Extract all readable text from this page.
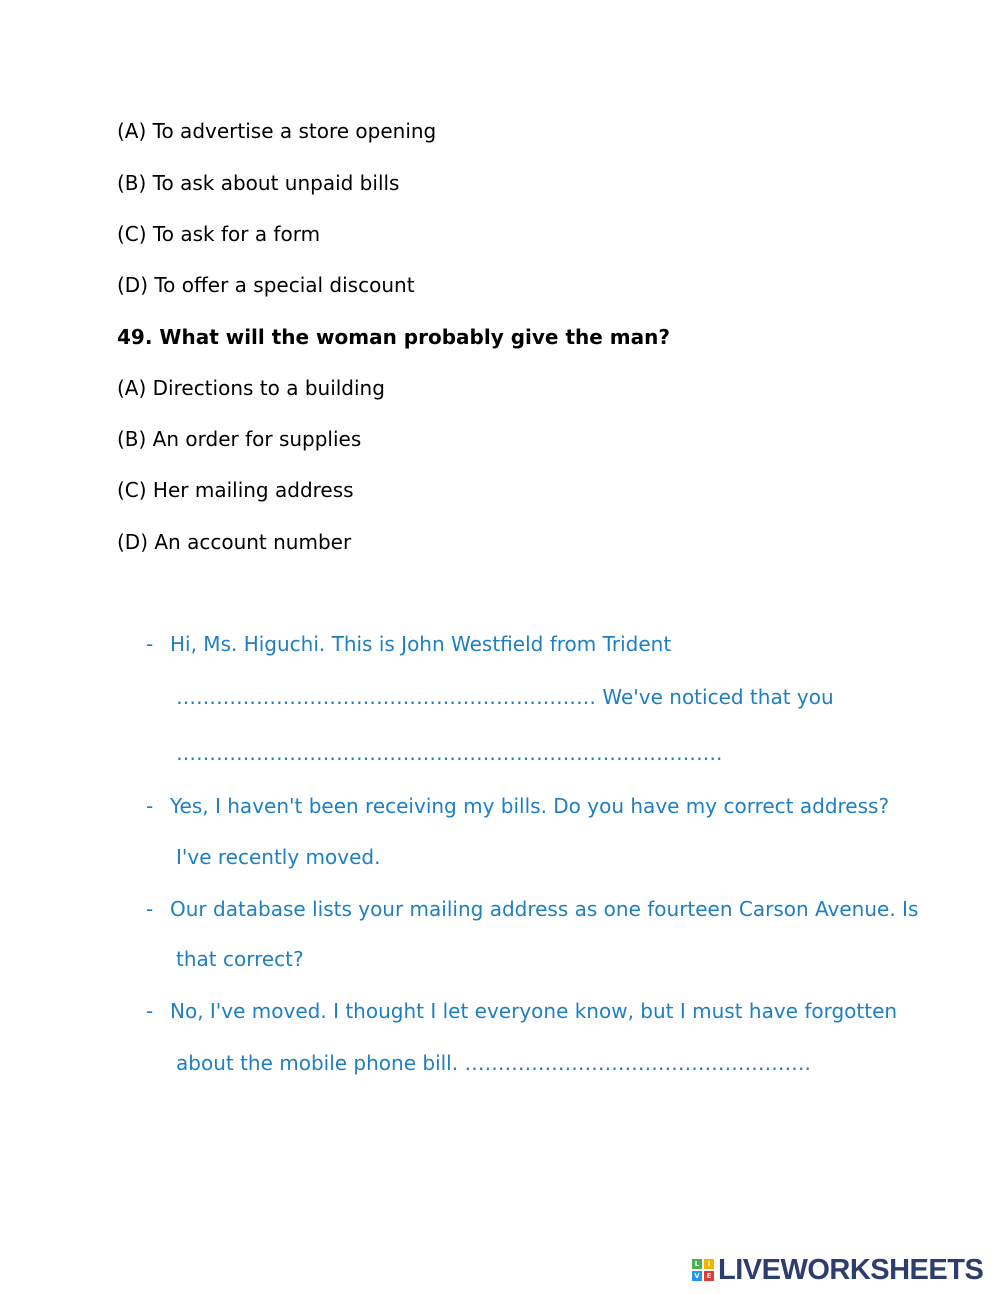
(A) To advertise a store opening
(B) To ask about unpaid bills
(C) To ask for a form
(D) To offer a special discount
49. What will the woman probably give the man?
(A) Directions to a building
(B) An order for supplies
(C) Her mailing address
(D) An account number
- Hi, Ms. Higuchi. This is John Westfield from Trident
……………………………………………………… We've noticed that you
……………………………………………………………………….
- Yes, I haven't been receiving my bills. Do you have my correct address?
I've recently moved.
- Our database lists your mailing address as one fourteen Carson Avenue. Is
that correct?
- No, I've moved. I thought I let everyone know, but I must have forgotten
about the mobile phone bill. …………………………………………….
L	I
V E LIVEWORKSHEETS
